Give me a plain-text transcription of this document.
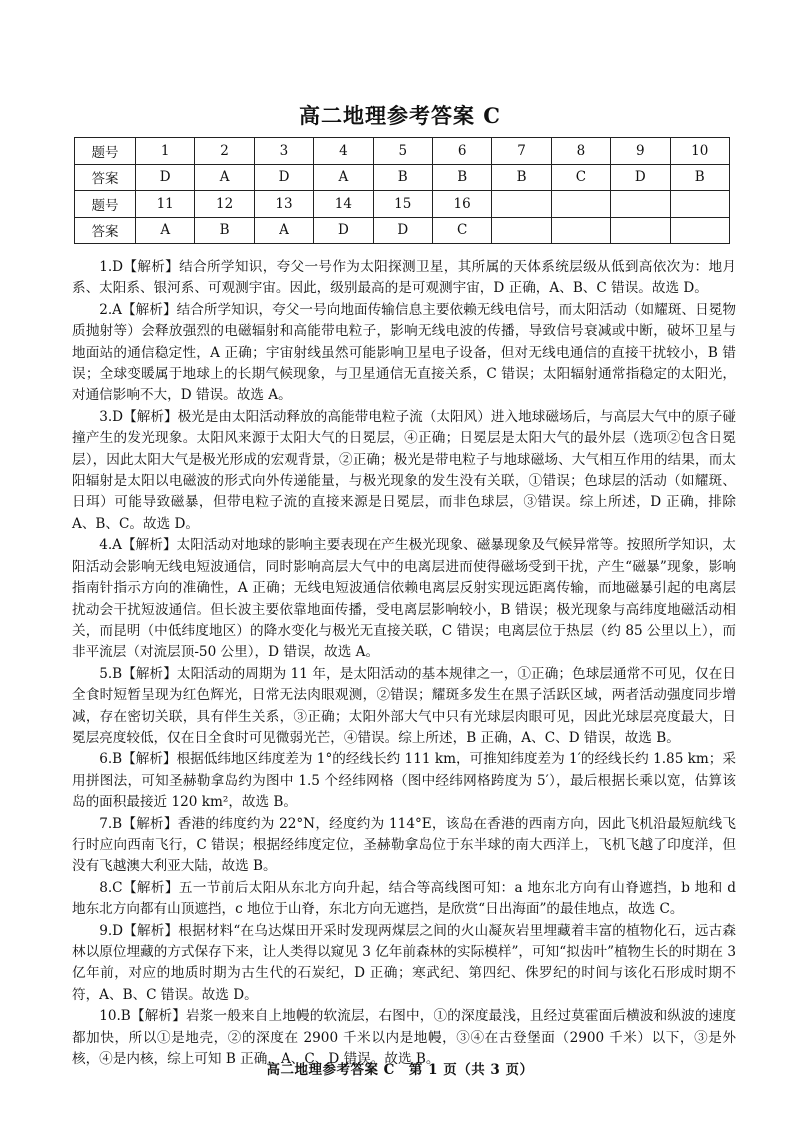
高二地理参考答案 C
题号	1	2	3	4	5	6	7	8	9	10
答案	D	A	D	A	B	B	B	C	D	B
题号	11	12	13	14	15	16				
答案	A	B	A	D	D	C				

1.D【解析】结合所学知识，夸父一号作为太阳探测卫星，其所属的天体系统层级从低到高依次为：地月系、太阳系、银河系、可观测宇宙。因此，级别最高的是可观测宇宙，D 正确，A、B、C 错误。故选 D。

2.A【解析】结合所学知识，夸父一号向地面传输信息主要依赖无线电信号，而太阳活动（如耀斑、日冕物质抛射等）会释放强烈的电磁辐射和高能带电粒子，影响无线电波的传播，导致信号衰减或中断，破坏卫星与地面站的通信稳定性，A 正确；宇宙射线虽然可能影响卫星电子设备，但对无线电通信的直接干扰较小，B 错误；全球变暖属于地球上的长期气候现象，与卫星通信无直接关系，C 错误；太阳辐射通常指稳定的太阳光，对通信影响不大，D 错误。故选 A。

3.D【解析】极光是由太阳活动释放的高能带电粒子流（太阳风）进入地球磁场后，与高层大气中的原子碰撞产生的发光现象。太阳风来源于太阳大气的日冕层，④正确；日冕层是太阳大气的最外层（选项②包含日冕层），因此太阳大气是极光形成的宏观背景，②正确；极光是带电粒子与地球磁场、大气相互作用的结果，而太阳辐射是太阳以电磁波的形式向外传递能量，与极光现象的发生没有关联，①错误；色球层的活动（如耀斑、日珥）可能导致磁暴，但带电粒子流的直接来源是日冕层，而非色球层，③错误。综上所述，D 正确，排除 A、B、C。故选 D。

4.A【解析】太阳活动对地球的影响主要表现在产生极光现象、磁暴现象及气候异常等。按照所学知识，太阳活动会影响无线电短波通信，同时影响高层大气中的电离层进而使得磁场受到干扰，产生“磁暴”现象，影响指南针指示方向的准确性，A 正确；无线电短波通信依赖电离层反射实现远距离传输，而地磁暴引起的电离层扰动会干扰短波通信。但长波主要依靠地面传播，受电离层影响较小，B 错误；极光现象与高纬度地磁活动相关，而昆明（中低纬度地区）的降水变化与极光无直接关联，C 错误；电离层位于热层（约 85 公里以上），而非平流层（对流层顶-50 公里），D 错误，故选 A。

5.B【解析】太阳活动的周期为 11 年，是太阳活动的基本规律之一，①正确；色球层通常不可见，仅在日全食时短暂呈现为红色辉光，日常无法肉眼观测，②错误；耀斑多发生在黑子活跃区域，两者活动强度同步增减，存在密切关联，具有伴生关系，③正确；太阳外部大气中只有光球层肉眼可见，因此光球层亮度最大，日冕层亮度较低，仅在日全食时可见微弱光芒，④错误。综上所述，B 正确，A、C、D 错误，故选 B。

6.B【解析】根据低纬地区纬度差为 1°的经线长约 111 km，可推知纬度差为 1′的经线长约 1.85 km；采用拼图法，可知圣赫勒拿岛约为图中 1.5 个经纬网格（图中经纬网格跨度为 5′），最后根据长乘以宽，估算该岛的面积最接近 120 km²，故选 B。

7.B【解析】香港的纬度约为 22°N，经度约为 114°E，该岛在香港的西南方向，因此飞机沿最短航线飞行时应向西南飞行，C 错误；根据经纬度定位，圣赫勒拿岛位于东半球的南大西洋上，飞机飞越了印度洋，但没有飞越澳大利亚大陆，故选 B。

8.C【解析】五一节前后太阳从东北方向升起，结合等高线图可知：a 地东北方向有山脊遮挡，b 地和 d 地东北方向都有山顶遮挡，c 地位于山脊，东北方向无遮挡，是欣赏“日出海面”的最佳地点，故选 C。

9.D【解析】根据材料“在乌达煤田开采时发现两煤层之间的火山凝灰岩里埋藏着丰富的植物化石，远古森林以原位埋藏的方式保存下来，让人类得以窥见 3 亿年前森林的实际模样”，可知“拟齿叶”植物生长的时期在 3 亿年前，对应的地质时期为古生代的石炭纪，D 正确；寒武纪、第四纪、侏罗纪的时间与该化石形成时期不符，A、B、C 错误。故选 D。

10.B【解析】岩浆一般来自上地幔的软流层，右图中，①的深度最浅，且经过莫霍面后横波和纵波的速度都加快，所以①是地壳，②的深度在 2900 千米以内是地幔，③④在古登堡面（2900 千米）以下，③是外核，④是内核，综上可知 B 正确，A、C、D 错误。故选 B。

高二地理参考答案 C　第 1 页（共 3 页）
